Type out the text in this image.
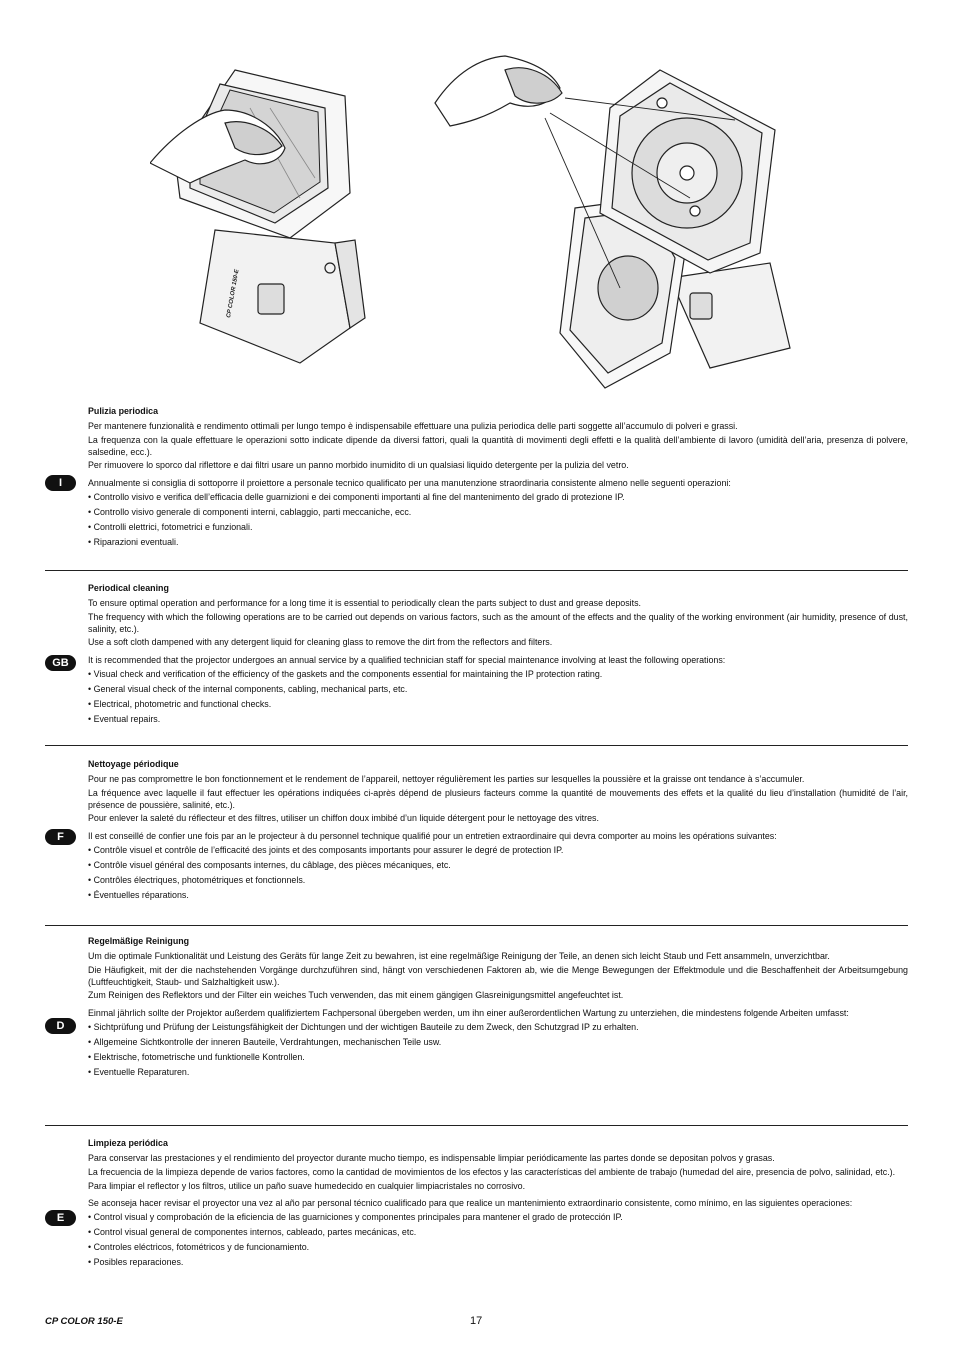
CP COLOR 150-E
Pulizia periodica

Per mantenere funzionalità e rendimento ottimali per lungo tempo è indispensabile effettuare una pulizia periodica delle parti soggette all’accumulo di polveri e grassi.

La frequenza con la quale effettuare le operazioni sotto indicate dipende da diversi fattori, quali la quantità di movimenti degli effetti e la qualità dell’ambiente di lavoro (umidità dell’aria, presenza di polvere, salsedine, ecc.).

Per rimuovere lo sporco dal riflettore e dai filtri usare un panno morbido inumidito di un qualsiasi liquido detergente per la pulizia del vetro.

Annualmente si consiglia di sottoporre il proiettore a personale tecnico qualificato per una manutenzione straordinaria consistente almeno nelle seguenti operazioni:

• Controllo visivo e verifica dell’efficacia delle guarnizioni e dei componenti importanti al fine del mantenimento del grado di protezione IP.
• Controllo visivo generale di componenti interni, cablaggio, parti meccaniche, ecc.
• Controlli elettrici, fotometrici e funzionali.
• Riparazioni eventuali.
I
Periodical cleaning

To ensure optimal operation and performance for a long time it is essential to periodically clean the parts subject to dust and grease deposits.

The frequency with which the following operations are to be carried out depends on various factors, such as the amount of the effects and the quality of the working environment (air humidity, presence of dust, salinity, etc.).

Use a soft cloth dampened with any detergent liquid for cleaning glass to remove the dirt from the reflectors and filters.

It is recommended that the projector undergoes an annual service by a qualified technician staff for special maintenance involving at least the following operations:

• Visual check and verification of the efficiency of the gaskets and the components essential for maintaining the IP protection rating.
• General visual check of the internal components, cabling, mechanical parts, etc.
• Electrical, photometric and functional checks.
• Eventual repairs.
GB
Nettoyage périodique

Pour ne pas compromettre le bon fonctionnement et le rendement de l’appareil, nettoyer régulièrement les parties sur lesquelles la poussière et la graisse ont tendance à s’accumuler.

La fréquence avec laquelle il faut effectuer les opérations indiquées ci-après dépend de plusieurs facteurs comme la quantité de mouvements des effets et la qualité du lieu d’installation (humidité de l’air, présence de poussière, salinité, etc.).

Pour enlever la saleté du réflecteur et des filtres, utiliser un chiffon doux imbibé d’un liquide détergent pour le nettoyage des vitres.

Il est conseillé de confier une fois par an le projecteur à du personnel technique qualifié pour un entretien extraordinaire qui devra comporter au moins les opérations suivantes:

• Contrôle visuel et contrôle de l’efficacité des joints et des composants importants pour assurer le degré de protection IP.
• Contrôle visuel général des composants internes, du câblage, des pièces mécaniques, etc.
• Contrôles électriques, photométriques et fonctionnels.
• Éventuelles réparations.
F
Regelmäßige Reinigung

Um die optimale Funktionalität und Leistung des Geräts für lange Zeit zu bewahren, ist eine regelmäßige Reinigung der Teile, an denen sich leicht Staub und Fett ansammeln, unverzichtbar.

Die Häufigkeit, mit der die nachstehenden Vorgänge durchzuführen sind, hängt von verschiedenen Faktoren ab, wie die Menge Bewegungen der Effektmodule und die Beschaffenheit der Arbeitsumgebung (Luftfeuchtigkeit, Staub- und Salzhaltigkeit usw.).

Zum Reinigen des Reflektors und der Filter ein weiches Tuch verwenden, das mit einem gängigen Glasreinigungsmittel angefeuchtet ist.

Einmal jährlich sollte der Projektor außerdem qualifiziertem Fachpersonal übergeben werden, um ihn einer außerordentlichen Wartung zu unterziehen, die mindestens folgende Arbeiten umfasst:

• Sichtprüfung und Prüfung der Leistungsfähigkeit der Dichtungen und der wichtigen Bauteile zu dem Zweck, den Schutzgrad IP zu erhalten.
• Allgemeine Sichtkontrolle der inneren Bauteile, Verdrahtungen, mechanischen Teile usw.
• Elektrische, fotometrische und funktionelle Kontrollen.
• Eventuelle Reparaturen.
D
Limpieza periódica

Para conservar las prestaciones y el rendimiento del proyector durante mucho tiempo, es indispensable limpiar periódicamente las partes donde se depositan polvos y grasas.

La frecuencia de la limpieza depende de varios factores, como la cantidad de movimientos de los efectos y las características del ambiente de trabajo (humedad del aire, presencia de polvo, salinidad, etc.).

Para limpiar el reflector y los filtros, utilice un paño suave humedecido en cualquier limpiacristales no corrosivo.

Se aconseja hacer revisar el proyector una vez al año par personal técnico cualificado para que realice un mantenimiento extraordinario consistente, como mínimo, en las siguientes operaciones:

• Control visual y comprobación de la eficiencia de las guarniciones y componentes principales para mantener el grado de protección IP.
• Control visual general de componentes internos, cableado, partes mecánicas, etc.
• Controles eléctricos, fotométricos y de funcionamiento.
• Posibles reparaciones.
E
CP COLOR 150-E	17
